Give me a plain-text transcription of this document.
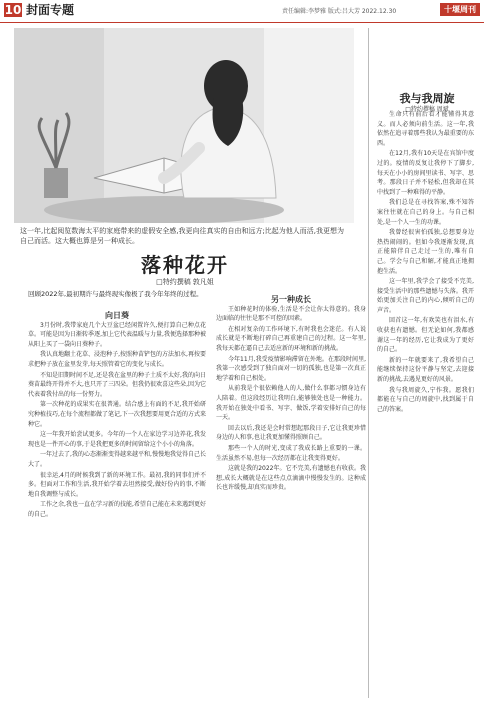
10 封面专题	责任编辑:李梦雅 版式:吕大芳 2022.12.30	十堰周刊
这一年,比起阅览数海太平的家庭带来的虚假安全感,我更向往真实的自由和远方;比起为他人而活,我更想为自己而活。这大概也算是另一种成长。
落种花开
□特约撰稿 敦凡姐
回顾2022年,最初期许与最终现实像极了我今年年终的过程。
向日葵

3月份时,我带家庭几个大豆盆已经闲置许久,便打算自己种点花草。可能是因为日渐转季逐,加上它代表温暖与力量,我便选择那种被从阳上买了一袋向日葵种子。

我认真地翻土花草、浸泡种子,按照种苗铲包的方法加水,再按要求把种子放在盆里发芽,每天照管着它的变化与成长。

不知是旧期时间不足,还是我在盆里的种子土质不太好,我的向日葵苗最终开得并不大,也只开了三四朵。但我仍很欢喜这些朵,因为它代表着我付出的每一份努力。

第一次种花的成果实在很普通。结合感上有面的不足,我开始研究种植技巧,在每个流程都做了笔记,下一次我想要用更合适的方式来种它。

这一年我开始尝试更多。今年的一个人在家边学习边养花,我发现也是一件开心的事,于是我把更多的时间留给这个小小的角落。

一年过去了,我的心态渐渐变得越来越平和,慢慢地我觉得自己长大了。

很幸运,4月的时候我到了新的环境工作。最初,我的同事们并不多。但面对工作和生活,我开始学着去坦然接受,做好份内的事,不断地自我调整与成长。

工作之余,我也一直在学习新的技能,希望自己能在未来遇到更好的自己。

另一种成长

王如种花时的体验,生活是不会让你太得意的。我身边面临的往往是那不可控的因素。

在相对复杂的工作环境下,有时我也会迷茫。有人说成长就是不断地打碎自己再重建自己的过程。这一年里,我每天都在逼自己去适应新的环境和新的挑战。

今年11月,我受疫情影响滞留在外地。在那段时间里,我第一次感受到了独自面对一切的孤独,也是第一次真正地学着和自己相处。

从前我是个很依赖他人的人,做什么事都习惯身边有人陪着。但这段经历让我明白,能够独处也是一种能力。我开始在独处中看书、写字、做饭,学着安排好自己的每一天。

回去以后,我还是会时常想起那段日子,它让我更珍惜身边的人和事,也让我更加懂得照顾自己。

那些一个人的时光,变成了我成长路上重要的一课。生活虽然不易,但每一次经历都在让我变得更好。

这就是我的2022年。它不完美,有遗憾也有收获。我想,成长大概就是在这些点点滴滴中慢慢发生的。这种成长也许缓慢,却真实而珍贵。

我与我周旋
□特约撰稿 周斌

生命只有前后看才能懂得其意义。而人必须向前生活。这一年,我依然在追寻着那些我认为最重要的东西。

在12月,我有10天是在宾馆中度过的。疫情的反复让我停下了脚步,每天在小小的房间里读书、写字、思考。那段日子并不轻松,但我却在其中找到了一种难得的平静。

我们总是在寻找答案,殊不知答案往往就在自己的身上。与自己相处,是一个人一生的功课。

我曾经很害怕孤独,总想要身边热热闹闹的。但如今我逐渐发现,真正能陪伴自己走过一生的,唯有自己。学会与自己和解,才能真正地拥抱生活。

这一年里,我学会了接受不完美,接受生活中的那些遗憾与失落。我开始更加关注自己的内心,倾听自己的声音。

回首这一年,有欢笑也有泪水,有收获也有遗憾。但无论如何,我都感谢这一年的经历,它让我成为了更好的自己。

新的一年就要来了,我希望自己能继续保持这份平静与坚定,去迎接新的挑战,去遇见更好的风景。

我与我周旋久,宁作我。愿我们都能在与自己的周旋中,找到属于自己的答案。
